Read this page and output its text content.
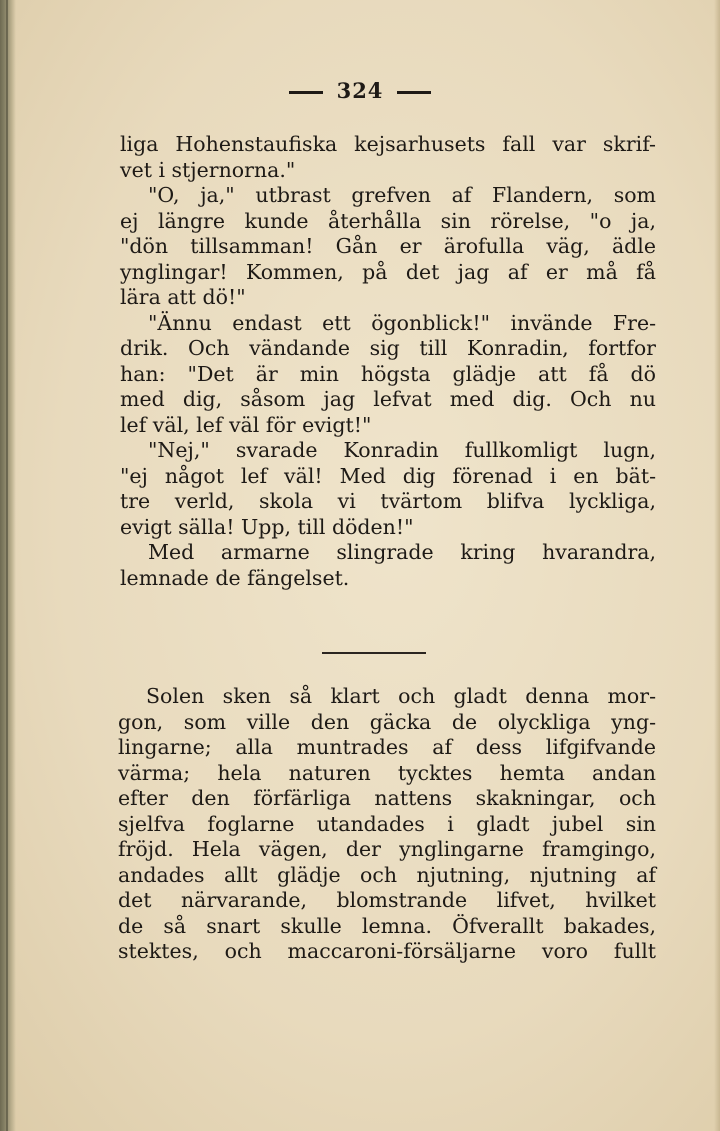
324
liga Hohenstaufiska kejsarhusets fall var skrif-
vet i stjernorna."
"O, ja," utbrast grefven af Flandern, som
ej längre kunde återhålla sin rörelse, "o ja,
"dön tillsamman! Gån er ärofulla väg, ädle
ynglingar! Kommen, på det jag af er må få
lära att dö!"
"Ännu endast ett ögonblick!" invände Fre-
drik. Och vändande sig till Konradin, fortfor
han: "Det är min högsta glädje att få dö
med dig, såsom jag lefvat med dig. Och nu
lef väl, lef väl för evigt!"
"Nej," svarade Konradin fullkomligt lugn,
"ej något lef väl! Med dig förenad i en bät-
tre verld, skola vi tvärtom blifva lyckliga,
evigt sälla! Upp, till döden!"
Med armarne slingrade kring hvarandra,
lemnade de fängelset.
Solen sken så klart och gladt denna mor-
gon, som ville den gäcka de olyckliga yng-
lingarne; alla muntrades af dess lifgifvande
värma; hela naturen tycktes hemta andan
efter den förfärliga nattens skakningar, och
sjelfva foglarne utandades i gladt jubel sin
fröjd. Hela vägen, der ynglingarne framgingo,
andades allt glädje och njutning, njutning af
det närvarande, blomstrande lifvet, hvilket
de så snart skulle lemna. Öfverallt bakades,
stektes, och maccaroni-försäljarne voro fullt
